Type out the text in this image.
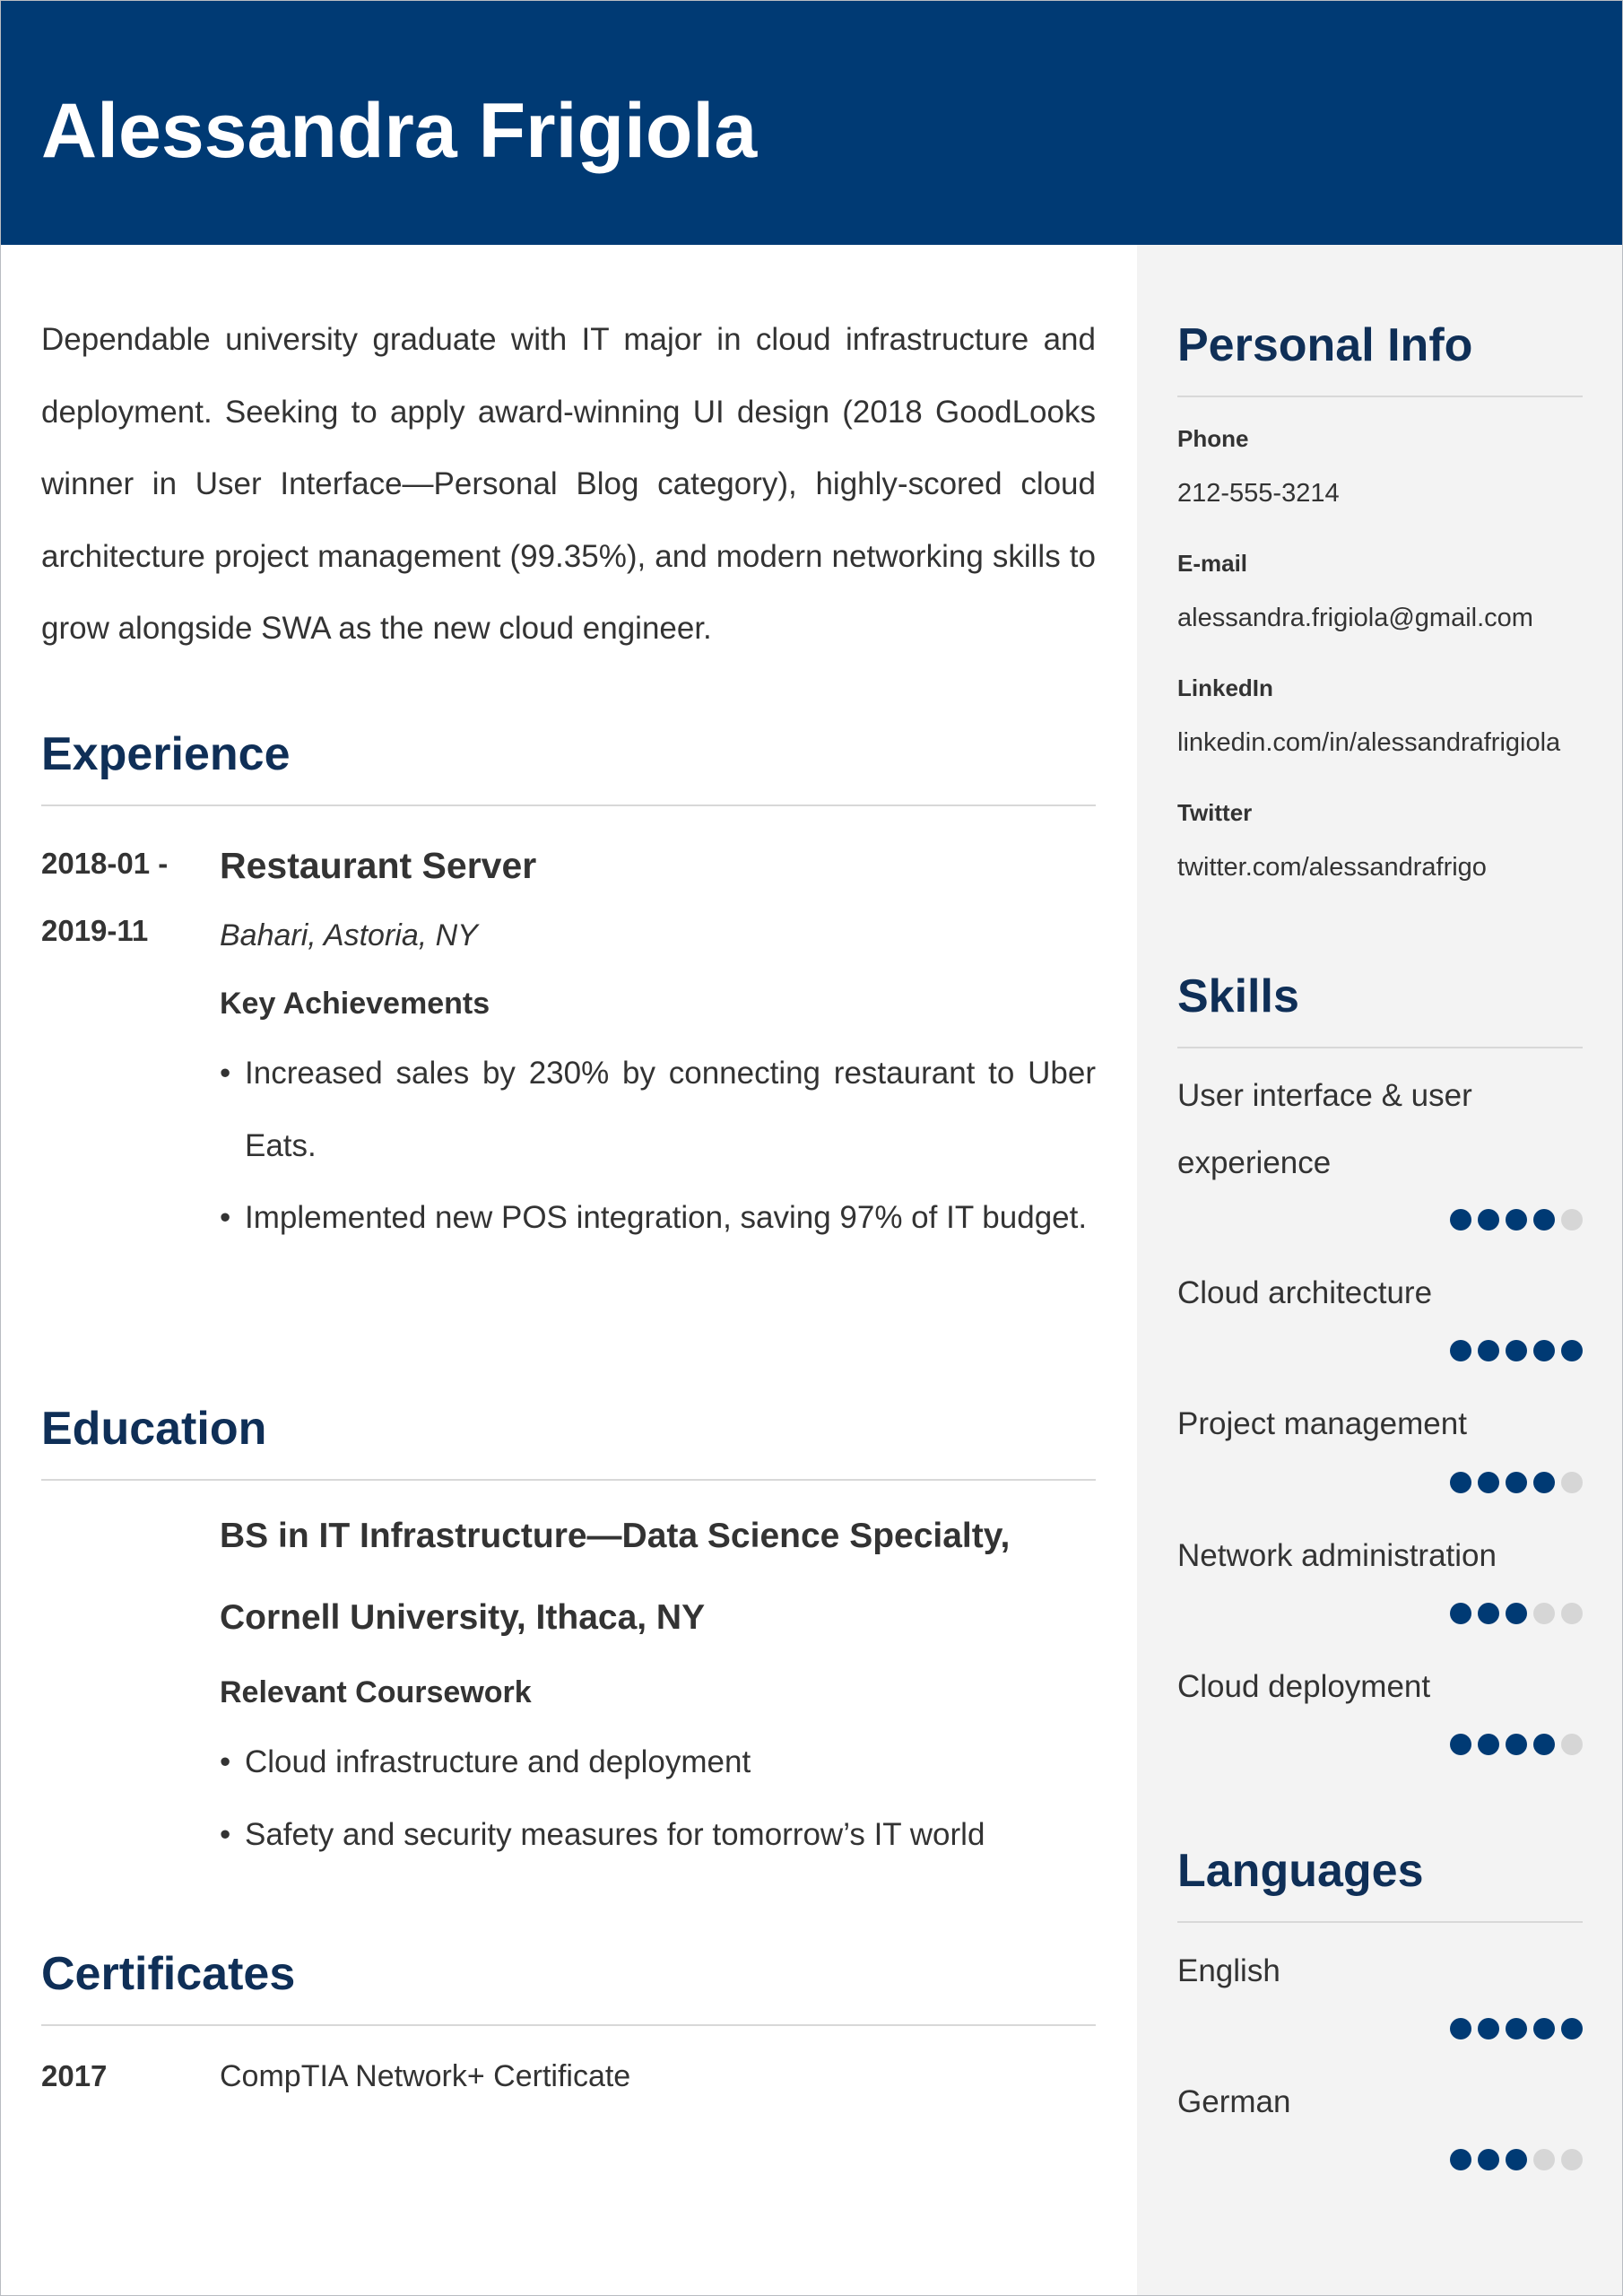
Alessandra Frigiola

Dependable university graduate with IT major in cloud infrastructure and deployment. Seeking to apply award-winning UI design (2018 GoodLooks winner in User Interface—Personal Blog category), highly-scored cloud architecture project management (99.35%), and modern networking skills to grow alongside SWA as the new cloud engineer.

Experience
2018-01 - 2019-11
Restaurant Server
Bahari, Astoria, NY
Key Achievements
• Increased sales by 230% by connecting restaurant to Uber Eats.
• Implemented new POS integration, saving 97% of IT budget.
Education
BS in IT Infrastructure—Data Science Specialty, Cornell University, Ithaca, NY
Relevant Coursework
• Cloud infrastructure and deployment
• Safety and security measures for tomorrow’s IT world
Certificates
2017	CompTIA Network+ Certificate
Personal Info
Phone
212-555-3214
E-mail
alessandra.frigiola@gmail.com
LinkedIn
linkedin.com/in/alessandrafrigiola
Twitter
twitter.com/alessandrafrigo
Skills
User interface & user experience
Cloud architecture
Project management
Network administration
Cloud deployment
Languages
English
German
